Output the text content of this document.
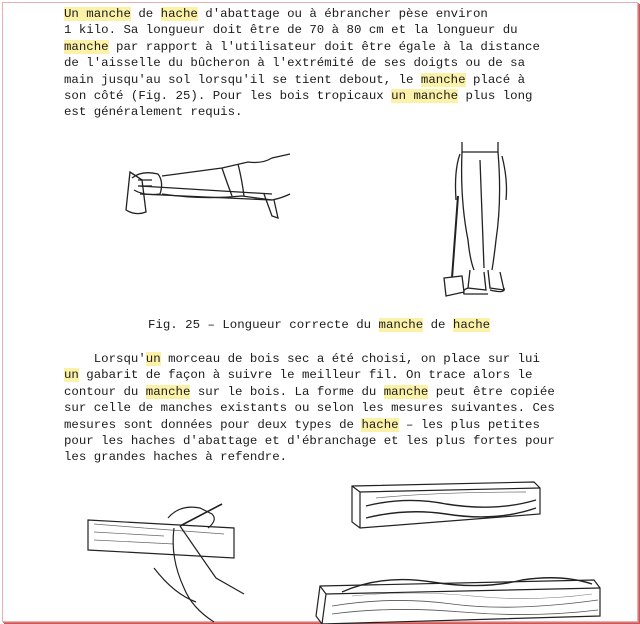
Un manche de hache d'abattage ou à ébrancher pèse environ
1 kilo. Sa longueur doit être de 70 à 80 cm et la longueur du
manche par rapport à l'utilisateur doit être égale à la distance
de l'aisselle du bûcheron à l'extrémité de ses doigts ou de sa
main jusqu'au sol lorsqu'il se tient debout, le manche placé à
son côté (Fig. 25). Pour les bois tropicaux un manche plus long
est généralement requis.
Fig. 25 – Longueur correcte du manche de hache
Lorsqu'un morceau de bois sec a été choisi, on place sur lui
un gabarit de façon à suivre le meilleur fil. On trace alors le
contour du manche sur le bois. La forme du manche peut être copiée
sur celle de manches existants ou selon les mesures suivantes. Ces
mesures sont données pour deux types de hache – les plus petites
pour les haches d'abattage et d'ébranchage et les plus fortes pour
les grandes haches à refendre.
